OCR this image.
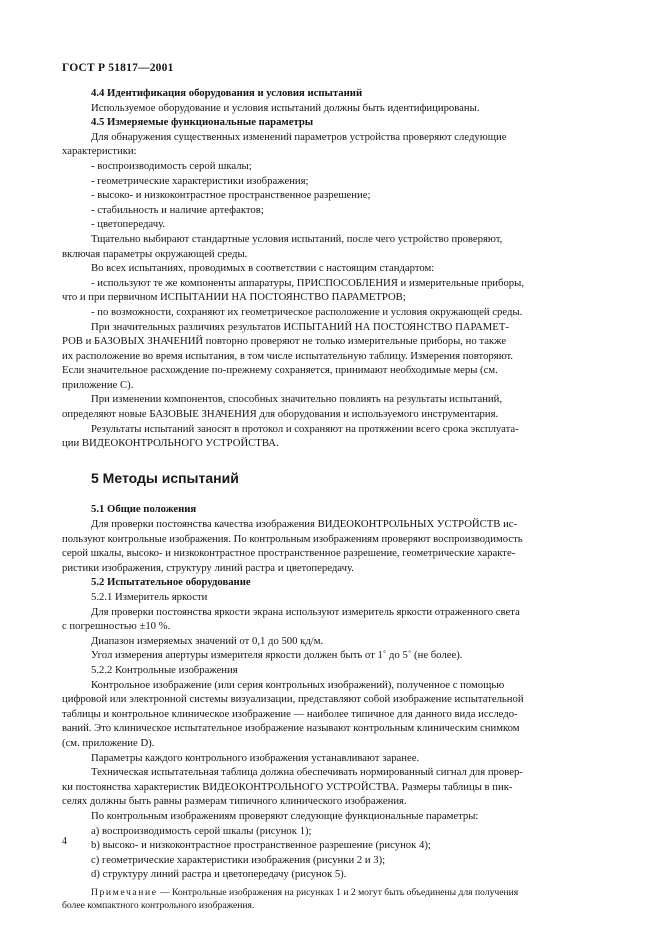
ГОСТ Р 51817—2001

4.4 Идентификация оборудования и условия испытаний

Используемое оборудование и условия испытаний должны быть идентифицированы.

4.5 Измеряемые функциональные параметры

Для обнаружения существенных изменений параметров устройства проверяют следующие

характеристики:

- воспроизводимость серой шкалы;

- геометрические характеристики изображения;

- высоко- и низкоконтрастное пространственное разрешение;

- стабильность и наличие артефактов;

- цветопередачу.

Тщательно выбирают стандартные условия испытаний, после чего устройство проверяют,

включая параметры окружающей среды.

Во всех испытаниях, проводимых в соответствии с настоящим стандартом:

- используют те же компоненты аппаратуры, ПРИСПОСОБЛЕНИЯ и измерительные приборы,

что и при первичном ИСПЫТАНИИ НА ПОСТОЯНСТВО ПАРАМЕТРОВ;

- по возможности, сохраняют их геометрическое расположение и условия окружающей среды.

При значительных различиях результатов ИСПЫТАНИЙ НА ПОСТОЯНСТВО ПАРАМЕТ-

РОВ и БАЗОВЫХ ЗНАЧЕНИЙ повторно проверяют не только измерительные приборы, но также

их расположение во время испытания, в том числе испытательную таблицу. Измерения повторяют.

Если значительное расхождение по-прежнему сохраняется, принимают необходимые меры (см.

приложение С).

При изменении компонентов, способных значительно повлиять на результаты испытаний,

определяют новые БАЗОВЫЕ ЗНАЧЕНИЯ для оборудования и используемого инструментария.

Результаты испытаний заносят в протокол и сохраняют на протяжении всего срока эксплуата-

ции ВИДЕОКОНТРОЛЬНОГО УСТРОЙСТВА.

5 Методы испытаний

5.1 Общие положения

Для проверки постоянства качества изображения ВИДЕОКОНТРОЛЬНЫХ УСТРОЙСТВ ис-

пользуют контрольные изображения. По контрольным изображениям проверяют воспроизводимость

серой шкалы, высоко- и низкоконтрастное пространственное разрешение, геометрические характе-

ристики изображения, структуру линий растра и цветопередачу.

5.2 Испытательное оборудование

5.2.1 Измеритель яркости

Для проверки постоянства яркости экрана используют измеритель яркости отраженного света

с погрешностью ±10 %.

Диапазон измеряемых значений от 0,1 до 500 кд/м.

Угол измерения апертуры измерителя яркости должен быть от 1˚ до 5˚ (не более).

5.2.2 Контрольные изображения

Контрольное изображение (или серия контрольных изображений), полученное с помощью

цифровой или электронной системы визуализации, представляют собой изображение испытательной

таблицы и контрольное клиническое изображение — наиболее типичное для данного вида исследо-

ваний. Это клиническое испытательное изображение называют контрольным клиническим снимком

(см. приложение D).

Параметры каждого контрольного изображения устанавливают заранее.

Техническая испытательная таблица должна обеспечивать нормированный сигнал для провер-

ки постоянства характеристик ВИДЕОКОНТРОЛЬНОГО УСТРОЙСТВА. Размеры таблицы в пик-

селях должны быть равны размерам типичного клинического изображения.

По контрольным изображениям проверяют следующие функциональные параметры:

a) воспроизводимость серой шкалы (рисунок 1);

b) высоко- и низкоконтрастное пространственное разрешение (рисунок 4);

c) геометрические характеристики изображения (рисунки 2 и 3);

d) структуру линий растра и цветопередачу (рисунок 5).

Примечание — Контрольные изображения на рисунках 1 и 2 могут быть объединены для получения

более компактного контрольного изображения.

4
